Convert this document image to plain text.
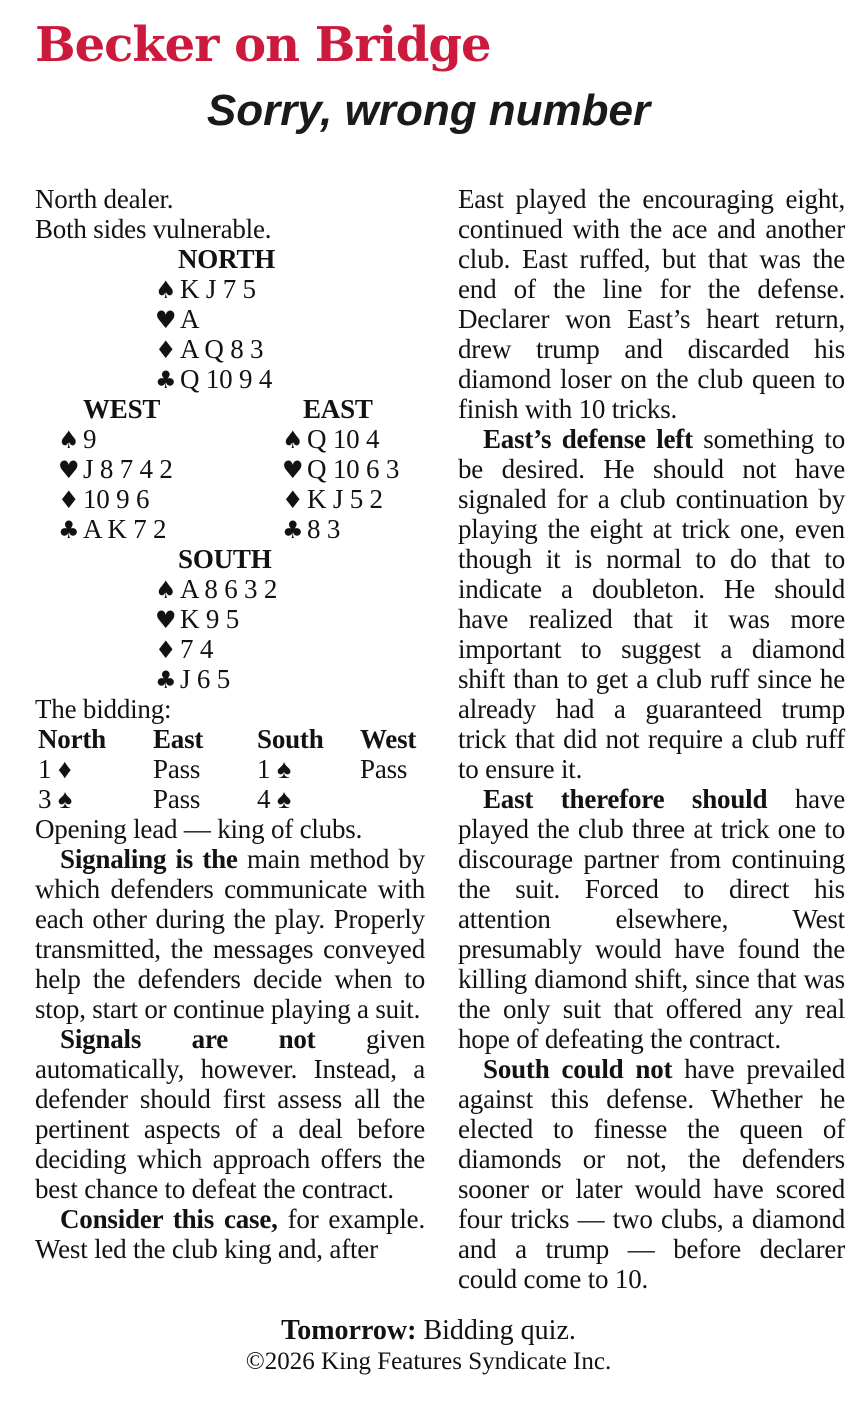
Becker on Bridge
Sorry, wrong number
North dealer.
Both sides vulnerable.
NORTH
♠ K J 7 5
♥ A
♦ A Q 8 3
♣ Q 10 9 4
WEST
♠ 9
♥ J 8 7 4 2
♦ 10 9 6
♣ A K 7 2
EAST
♠ Q 10 4
♥ Q 10 6 3
♦ K J 5 2
♣ 8 3
SOUTH
♠ A 8 6 3 2
♥ K 9 5
♦ 7 4
♣ J 6 5
The bidding:
North	East	South	West
1 ♦	Pass	1 ♠	Pass
3 ♠	Pass	4 ♠
Opening lead — king of clubs.

Signaling is the main method by which defenders communicate with each other during the play. Properly transmitted, the messages conveyed help the defenders decide when to stop, start or continue playing a suit.

Signals are not given automatically, however. Instead, a defender should first assess all the pertinent aspects of a deal before deciding which approach offers the best chance to defeat the contract.

Consider this case, for example. West led the club king and, after

East played the encouraging eight, continued with the ace and another club. East ruffed, but that was the end of the line for the defense. Declarer won East’s heart return, drew trump and discarded his diamond loser on the club queen to finish with 10 tricks.

East’s defense left something to be desired. He should not have signaled for a club continuation by playing the eight at trick one, even though it is normal to do that to indicate a doubleton. He should have realized that it was more important to suggest a diamond shift than to get a club ruff since he already had a guaranteed trump trick that did not require a club ruff to ensure it.

East therefore should have played the club three at trick one to discourage partner from continuing the suit. Forced to direct his attention elsewhere, West presumably would have found the killing diamond shift, since that was the only suit that offered any real hope of defeating the contract.

South could not have prevailed against this defense. Whether he elected to finesse the queen of diamonds or not, the defenders sooner or later would have scored four tricks — two clubs, a diamond and a trump — before declarer could come to 10.

Tomorrow: Bidding quiz.
©2026 King Features Syndicate Inc.
